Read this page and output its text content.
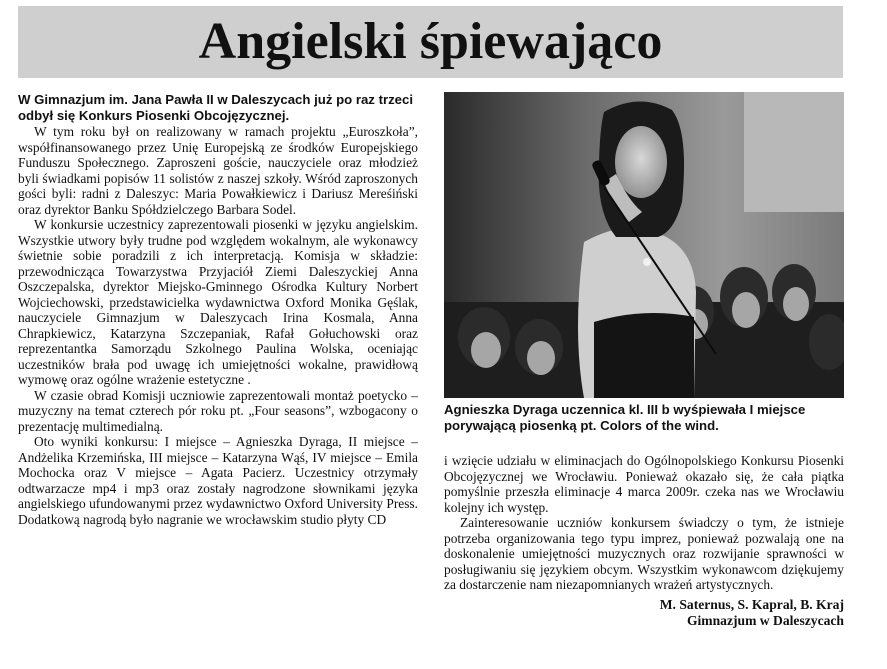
Angielski śpiewająco

W Gimnazjum im. Jana Pawła II w Daleszycach już po raz trzeci odbył się Konkurs Piosenki Obcojęzycznej.

W tym roku był on realizowany w ramach projektu „Euroszkoła”, współfinansowanego przez Unię Europejską ze środków Europejskiego Funduszu Społecznego. Zaproszeni goście, nauczyciele oraz młodzież byli świadkami popisów 11 solistów z naszej szkoły. Wśród zaproszonych gości byli: radni z Daleszyc: Maria Powałkiewicz i Dariusz Mereśiński oraz dyrektor Banku Spółdzielczego Barbara Sodel.

W konkursie uczestnicy zaprezentowali piosenki w języku angielskim. Wszystkie utwory były trudne pod względem wokalnym, ale wykonawcy świetnie sobie poradzili z ich interpretacją. Komisja w składzie: przewodnicząca Towarzystwa Przyjaciół Ziemi Daleszyckiej Anna Oszczepalska, dyrektor Miejsko-Gminnego Ośrodka Kultury Norbert Wojciechowski, przedstawicielka wydawnictwa Oxford Monika Gęślak, nauczyciele Gimnazjum w Daleszycach Irina Kosmala, Anna Chrapkiewicz, Katarzyna Szczepaniak, Rafał Gołuchowski oraz reprezentantka Samorządu Szkolnego Paulina Wolska, oceniając uczestników brała pod uwagę ich umiejętności wokalne, prawidłową wymowę oraz ogólne wrażenie estetyczne .

W czasie obrad Komisji uczniowie zaprezentowali montaż poetycko – muzyczny na temat czterech pór roku pt. „Four seasons”, wzbogacony o prezentację multimedialną.

Oto wyniki konkursu: I miejsce – Agnieszka Dyraga, II miejsce – Andżelika Krzemińska, III miejsce – Katarzyna Wąś, IV miejsce – Emila Mochocka oraz V miejsce – Agata Pacierz. Uczestnicy otrzymały odtwarzacze mp4 i mp3 oraz zostały nagrodzone słownikami języka angielskiego ufundowanymi przez wydawnictwo Oxford University Press. Dodatkową nagrodą było nagranie we wrocławskim studio płyty CD

Agnieszka Dyraga uczennica kl. III b wyśpiewała I miejsce porywającą piosenką pt. Colors of the wind.

i wzięcie udziału w eliminacjach do Ogólnopolskiego Konkursu Piosenki Obcojęzycznej we Wrocławiu. Ponieważ okazało się, że cała piątka pomyślnie przeszła eliminacje 4 marca 2009r. czeka nas we Wrocławiu kolejny ich występ.

Zainteresowanie uczniów konkursem świadczy o tym, że istnieje potrzeba organizowania tego typu imprez, ponieważ pozwalają one na doskonalenie umiejętności muzycznych oraz rozwijanie sprawności w posługiwaniu się językiem obcym. Wszystkim wykonawcom dziękujemy za dostarczenie nam niezapomnianych wrażeń artystycznych.

M. Saternus, S. Kapral, B. Kraj
Gimnazjum w Daleszycach
